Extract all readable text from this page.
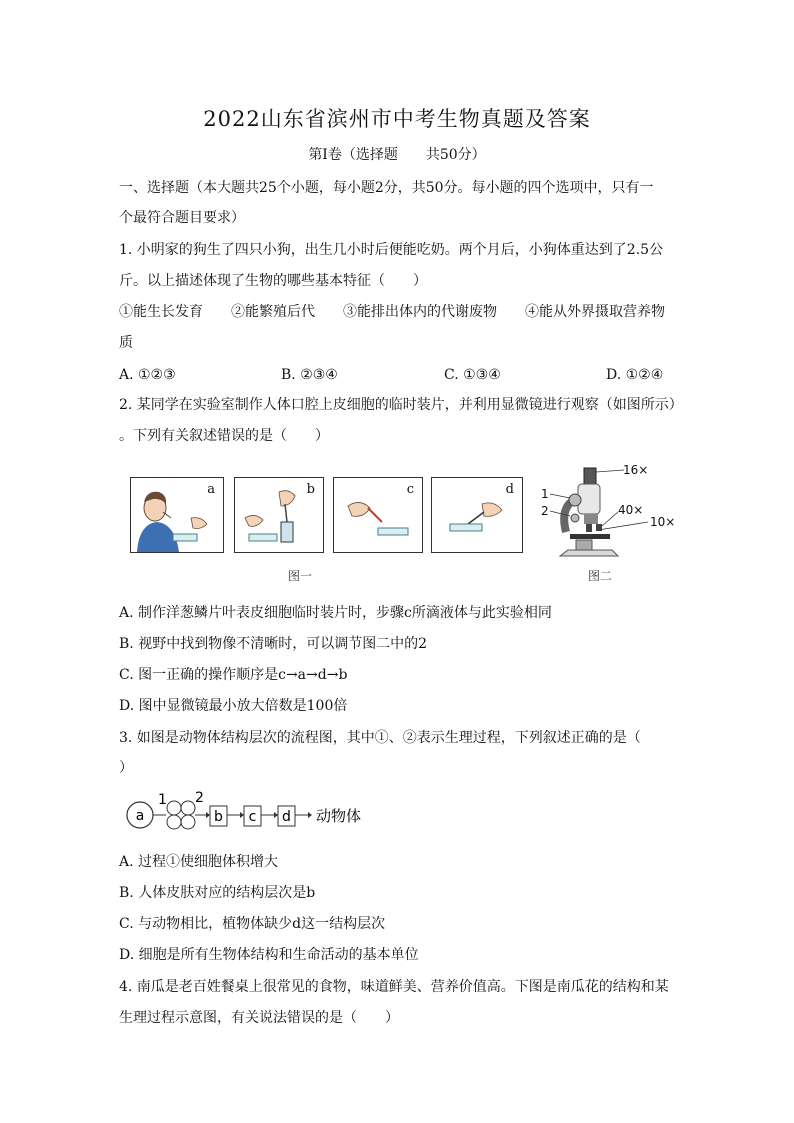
2022山东省滨州市中考生物真题及答案
第Ⅰ卷（选择题　　共50分）
一、选择题（本大题共25个小题，每小题2分，共50分。每小题的四个选项中，只有一
个最符合题目要求）
1. 小明家的狗生了四只小狗，出生几小时后便能吃奶。两个月后，小狗体重达到了2.5公
斤。以上描述体现了生物的哪些基本特征（　　）
①能生长发育 ②能繁殖后代 ③能排出体内的代谢废物 ④能从外界摄取营养物
质
A. ①②③	B. ②③④	C. ①③④	D. ①②④
2. 某同学在实验室制作人体口腔上皮细胞的临时装片，并利用显微镜进行观察（如图所示）
。下列有关叙述错误的是（　　）
a	b	c	d
图一
16×
1
2	40×
10×
图二
A. 制作洋葱鳞片叶表皮细胞临时装片时，步骤c所滴液体与此实验相同
B. 视野中找到物像不清晰时，可以调节图二中的2
C. 图一正确的操作顺序是c→a→d→b
D. 图中显微镜最小放大倍数是100倍
3. 如图是动物体结构层次的流程图，其中①、②表示生理过程，下列叙述正确的是（
）
a
1 2
b c d 动物体
A. 过程①使细胞体积增大
B. 人体皮肤对应的结构层次是b
C. 与动物相比，植物体缺少d这一结构层次
D. 细胞是所有生物体结构和生命活动的基本单位
4. 南瓜是老百姓餐桌上很常见的食物，味道鲜美、营养价值高。下图是南瓜花的结构和某
生理过程示意图，有关说法错误的是（　　）
